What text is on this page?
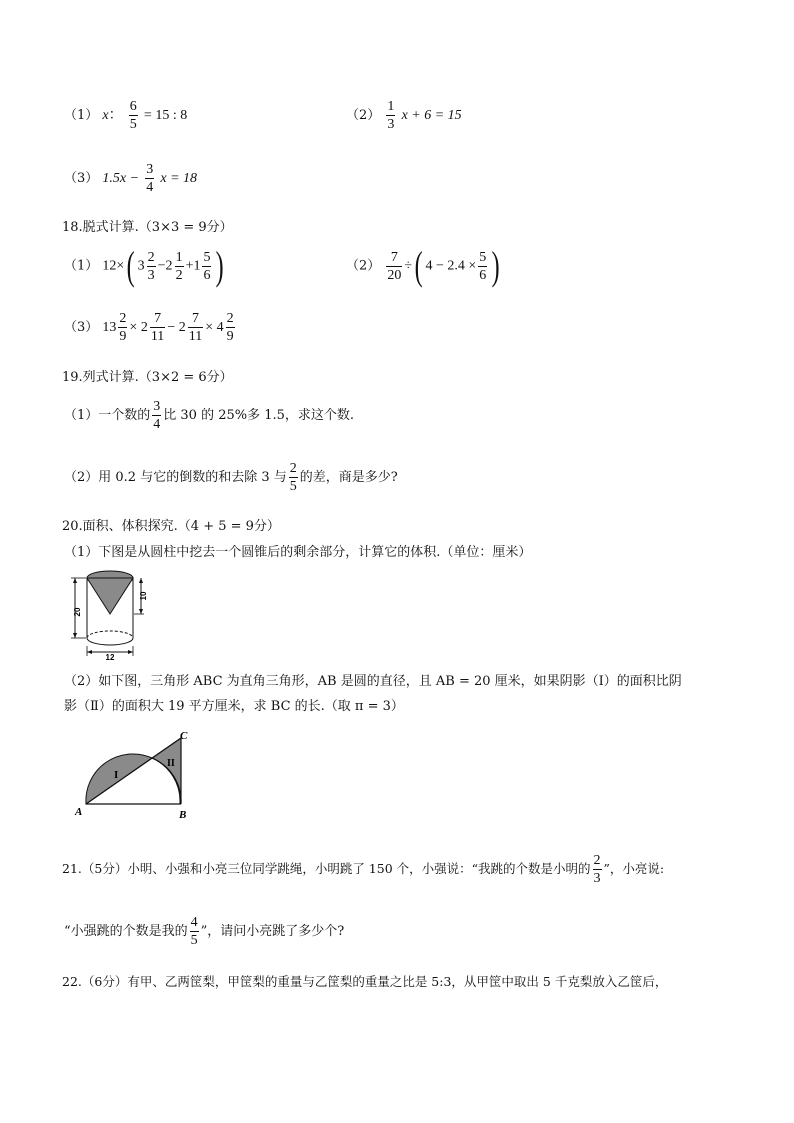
（1） x： $\frac{6}{5} = 15$ : 8	$(2) \frac{1}{3}$ x + 6 = 15
（3） $1.5x - \frac{3}{4}$ x = 18
18.脱式计算.（3×3 = 9分）
（1） 12×( $3 \frac{2}{3} -2 \frac{1}{2} +1 \frac{5}{6}$ )	$(2) \frac{7}{20}$ ÷( $4 - 2.4 \times \frac{5}{6}$ )
（3） $13 \frac{2}{9} \times 2 \frac{7}{11} - 2 \frac{7}{11} \times 4 \frac{2}{9}$
19.列式计算.（3×2 = 6分）
（1）一个数的 $\frac{3}{4}$ 比 30 的 25%多 1.5，求这个数.
（2）用 0.2 与它的倒数的和去除 3 与 $\frac{2}{5}$ 的差，商是多少?
20.面积、体积探究.（4 + 5 = 9分）
（1）下图是从圆柱中挖去一个圆锥后的剩余部分，计算它的体积.（单位：厘米）
20
10
12
（2）如下图，三角形 ABC 为直角三角形，AB 是圆的直径，且 AB = 20 厘米，如果阴影（Ⅰ）的面积比阴
影（Ⅱ）的面积大 19 平方厘米，求 BC 的长.（取 π = 3）
I
II
A	B
C
21.（5分）小明、小强和小亮三位同学跳绳，小明跳了 150 个，小强说：“我跳的个数是小明的 $\frac{2}{3}$ ”，小亮说:
“小强跳的个数是我的 $\frac{4}{5}$ ”，请问小亮跳了多少个?
22.（6分）有甲、乙两筐梨，甲筐梨的重量与乙筐梨的重量之比是 5:3，从甲筐中取出 5 千克梨放入乙筐后，
